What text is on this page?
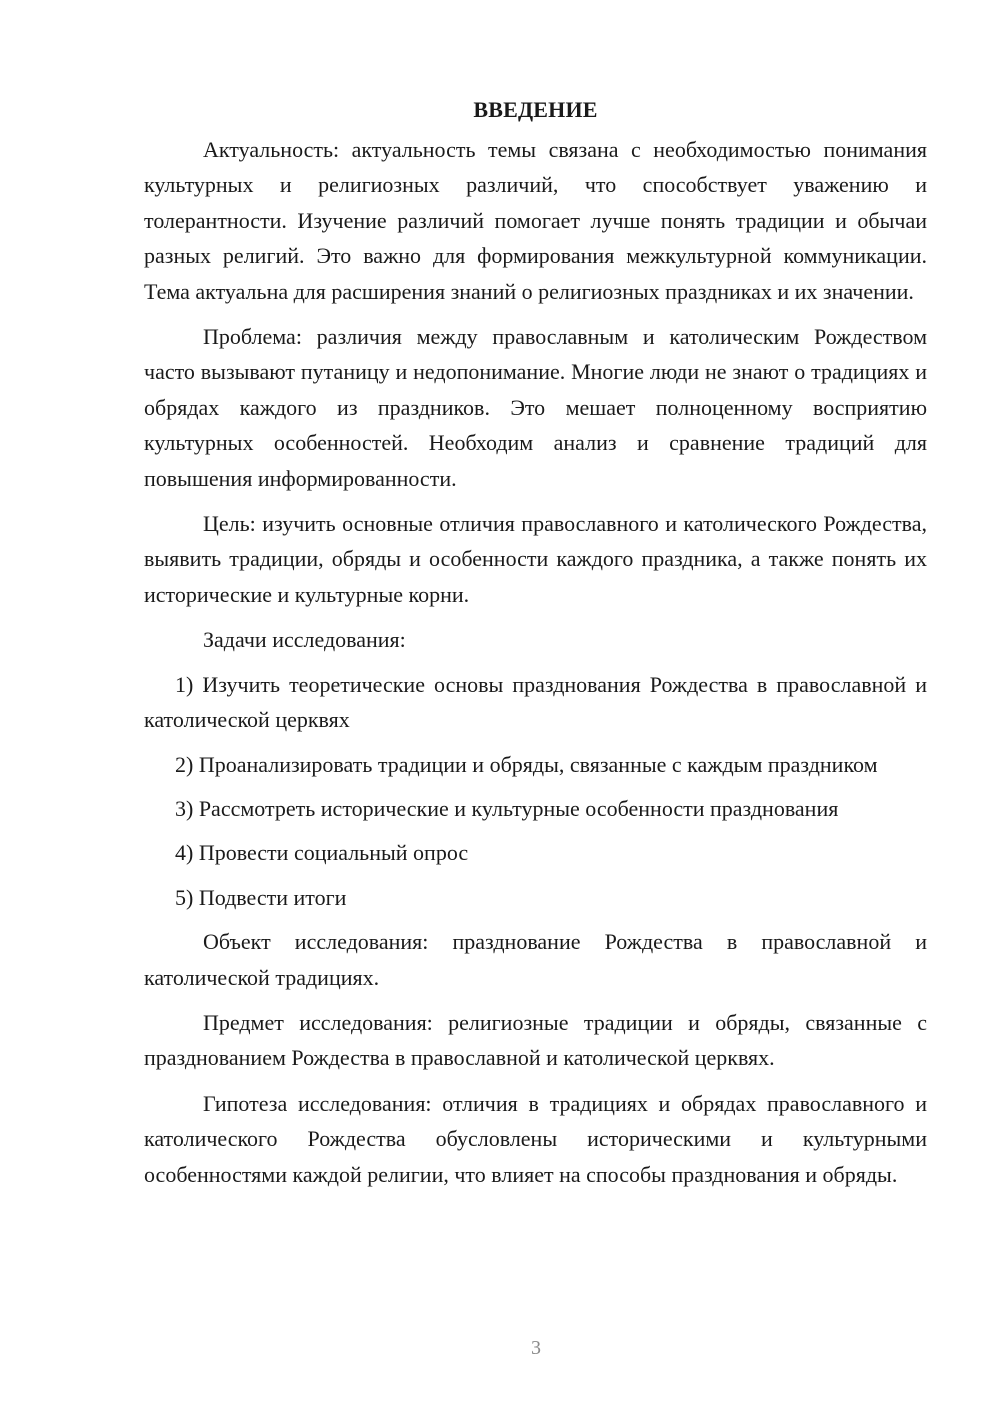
ВВЕДЕНИЕ

Актуальность: актуальность темы связана с необходимостью понимания культурных и религиозных различий, что способствует уважению и толерантности. Изучение различий помогает лучше понять традиции и обычаи разных религий. Это важно для формирования межкультурной коммуникации. Тема актуальна для расширения знаний о религиозных праздниках и их значении.

Проблема: различия между православным и католическим Рождеством часто вызывают путаницу и недопонимание. Многие люди не знают о традициях и обрядах каждого из праздников. Это мешает полноценному восприятию культурных особенностей. Необходим анализ и сравнение традиций для повышения информированности.

Цель: изучить основные отличия православного и католического Рождества, выявить традиции, обряды и особенности каждого праздника, а также понять их исторические и культурные корни.

Задачи исследования:

1) Изучить теоретические основы празднования Рождества в православной и католической церквях

2) Проанализировать традиции и обряды, связанные с каждым праздником

3) Рассмотреть исторические и культурные особенности празднования

4) Провести социальный опрос

5) Подвести итоги

Объект исследования: празднование Рождества в православной и католической традициях.

Предмет исследования: религиозные традиции и обряды, связанные с празднованием Рождества в православной и католической церквях.

Гипотеза исследования: отличия в традициях и обрядах православного и католического Рождества обусловлены историческими и культурными особенностями каждой религии, что влияет на способы празднования и обряды.

3
